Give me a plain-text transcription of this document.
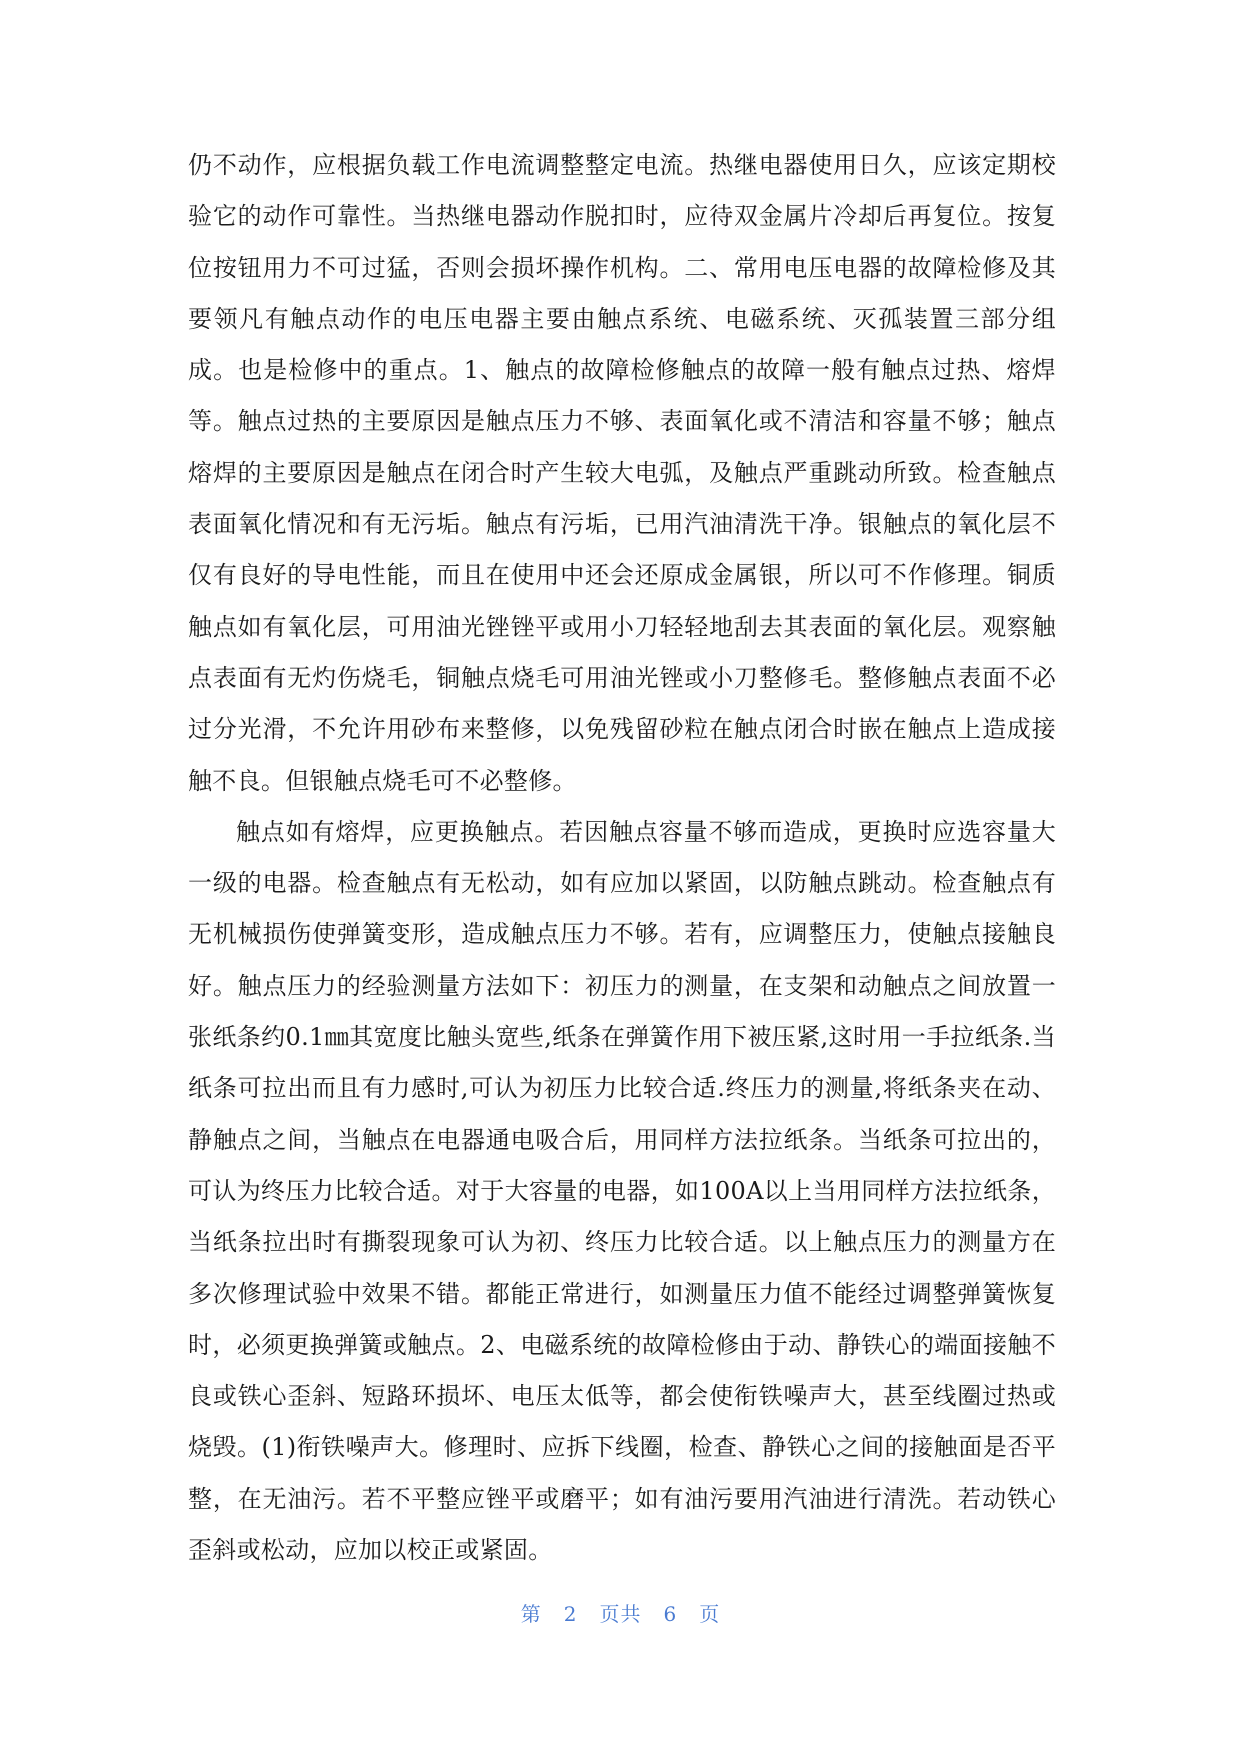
仍不动作，应根据负载工作电流调整整定电流。热继电器使用日久，应该定期校验它的动作可靠性。当热继电器动作脱扣时，应待双金属片冷却后再复位。按复位按钮用力不可过猛，否则会损坏操作机构。二、常用电压电器的故障检修及其要领凡有触点动作的电压电器主要由触点系统、电磁系统、灭孤装置三部分组成。也是检修中的重点。1、触点的故障检修触点的故障一般有触点过热、熔焊等。触点过热的主要原因是触点压力不够、表面氧化或不清洁和容量不够；触点熔焊的主要原因是触点在闭合时产生较大电弧，及触点严重跳动所致。检查触点表面氧化情况和有无污垢。触点有污垢，已用汽油清洗干净。银触点的氧化层不仅有良好的导电性能，而且在使用中还会还原成金属银，所以可不作修理。铜质触点如有氧化层，可用油光锉锉平或用小刀轻轻地刮去其表面的氧化层。观察触点表面有无灼伤烧毛，铜触点烧毛可用油光锉或小刀整修毛。整修触点表面不必过分光滑，不允许用砂布来整修，以免残留砂粒在触点闭合时嵌在触点上造成接触不良。但银触点烧毛可不必整修。

触点如有熔焊，应更换触点。若因触点容量不够而造成，更换时应选容量大一级的电器。检查触点有无松动，如有应加以紧固，以防触点跳动。检查触点有无机械损伤使弹簧变形，造成触点压力不够。若有，应调整压力，使触点接触良好。触点压力的经验测量方法如下：初压力的测量，在支架和动触点之间放置一张纸条约0.1㎜其宽度比触头宽些,纸条在弹簧作用下被压紧,这时用一手拉纸条.当纸条可拉出而且有力感时,可认为初压力比较合适.终压力的测量,将纸条夹在动、静触点之间，当触点在电器通电吸合后，用同样方法拉纸条。当纸条可拉出的，可认为终压力比较合适。对于大容量的电器，如100A以上当用同样方法拉纸条，当纸条拉出时有撕裂现象可认为初、终压力比较合适。以上触点压力的测量方在多次修理试验中效果不错。都能正常进行，如测量压力值不能经过调整弹簧恢复时，必须更换弹簧或触点。2、电磁系统的故障检修由于动、静铁心的端面接触不良或铁心歪斜、短路环损坏、电压太低等，都会使衔铁噪声大，甚至线圈过热或烧毁。(1)衔铁噪声大。修理时、应拆下线圈，检查、静铁心之间的接触面是否平整，在无油污。若不平整应锉平或磨平；如有油污要用汽油进行清洗。若动铁心歪斜或松动，应加以校正或紧固。

第 2 页共 6 页
